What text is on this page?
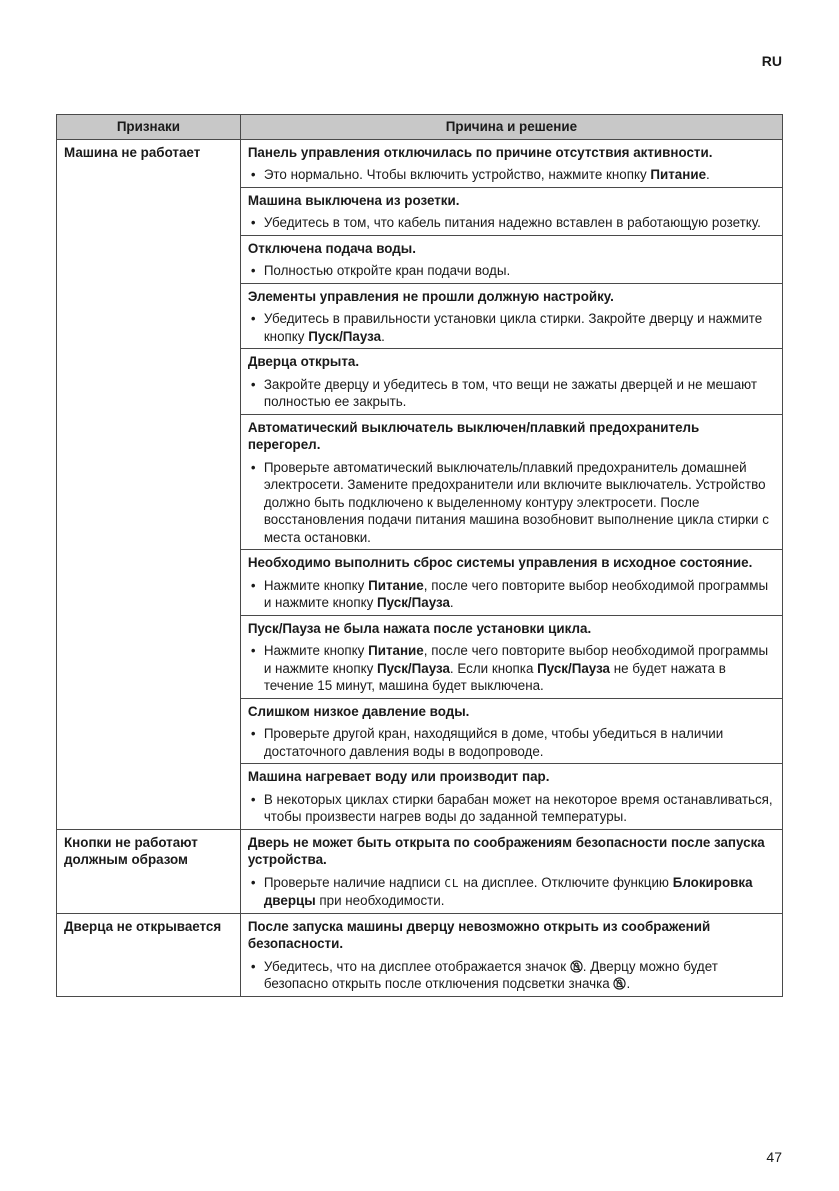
RU
Признаки	Причина и решение
Машина не работает	Панель управления отключилась по причине отсутствия активности.
• Это нормально. Чтобы включить устройство, нажмите кнопку Питание.

	Машина выключена из розетки.
• Убедитесь в том, что кабель питания надежно вставлен в работающую розетку.

	Отключена подача воды.
• Полностью откройте кран подачи воды.

	Элементы управления не прошли должную настройку.
• Убедитесь в правильности установки цикла стирки. Закройте дверцу и нажмите кнопку Пуск/Пауза.

	Дверца открыта.
• Закройте дверцу и убедитесь в том, что вещи не зажаты дверцей и не мешают полностью ее закрыть.

	Автоматический выключатель выключен/плавкий предохранитель перегорел.
• Проверьте автоматический выключатель/плавкий предохранитель домашней электросети. Замените предохранители или включите выключатель. Устройство должно быть подключено к выделенному контуру электросети. После восстановления подачи питания машина возобновит выполнение цикла стирки с места остановки.

	Необходимо выполнить сброс системы управления в исходное состояние.
• Нажмите кнопку Питание, после чего повторите выбор необходимой программы и нажмите кнопку Пуск/Пауза.

	Пуск/Пауза не была нажата после установки цикла.
• Нажмите кнопку Питание, после чего повторите выбор необходимой программы и нажмите кнопку Пуск/Пауза. Если кнопка Пуск/Пауза не будет нажата в течение 15 минут, машина будет выключена.

	Слишком низкое давление воды.
• Проверьте другой кран, находящийся в доме, чтобы убедиться в наличии достаточного давления воды в водопроводе.

	Машина нагревает воду или производит пар.
• В некоторых циклах стирки барабан может на некоторое время останавливаться, чтобы произвести нагрев воды до заданной температуры.

Кнопки не работают должным образом	Дверь не может быть открыта по соображениям безопасности после запуска устройства.
• Проверьте наличие надписи CL на дисплее. Отключите функцию Блокировка дверцы при необходимости.

Дверца не открывается	После запуска машины дверцу невозможно открыть из соображений безопасности.
• Убедитесь, что на дисплее отображается значок . Дверцу можно будет безопасно открыть после отключения подсветки значка .
47
